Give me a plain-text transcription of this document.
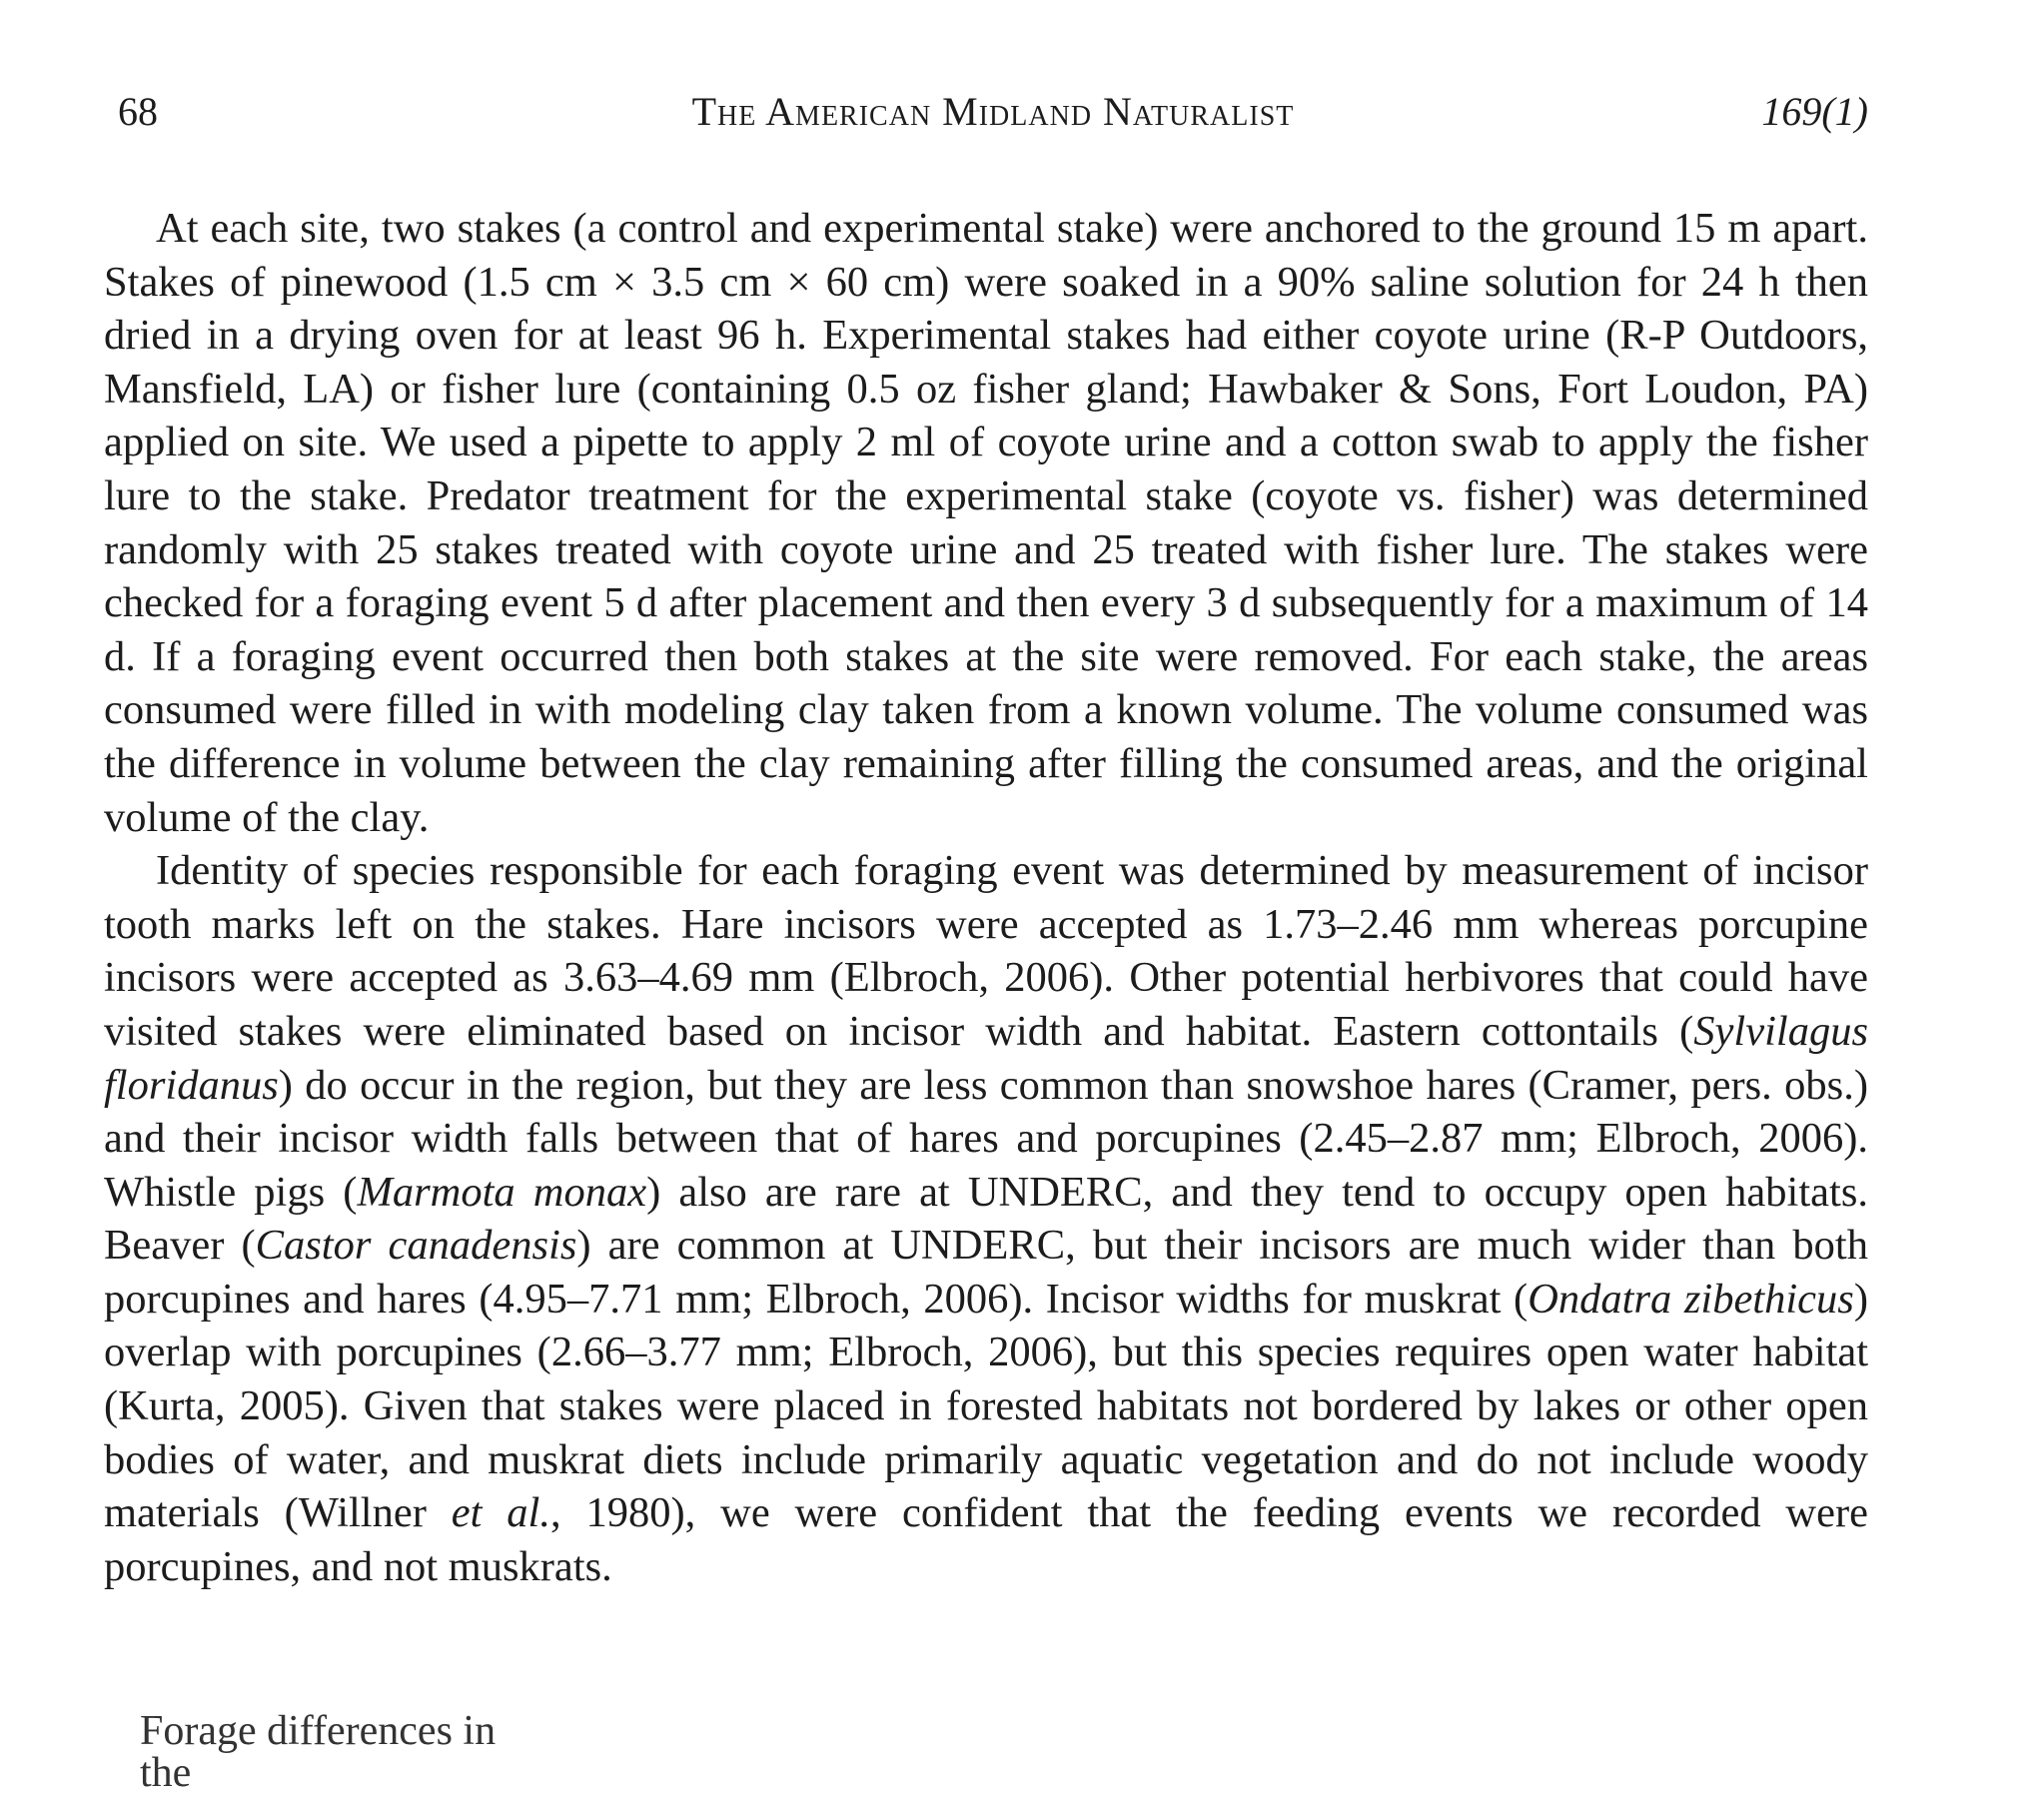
68	The American Midland Naturalist	169(1)

At each site, two stakes (a control and experimental stake) were anchored to the ground 15 m apart. Stakes of pinewood (1.5 cm × 3.5 cm × 60 cm) were soaked in a 90% saline solution for 24 h then dried in a drying oven for at least 96 h. Experimental stakes had either coyote urine (R-P Outdoors, Mansfield, LA) or fisher lure (containing 0.5 oz fisher gland; Hawbaker & Sons, Fort Loudon, PA) applied on site. We used a pipette to apply 2 ml of coyote urine and a cotton swab to apply the fisher lure to the stake. Predator treatment for the experimental stake (coyote vs. fisher) was determined randomly with 25 stakes treated with coyote urine and 25 treated with fisher lure. The stakes were checked for a foraging event 5 d after placement and then every 3 d subsequently for a maximum of 14 d. If a foraging event occurred then both stakes at the site were removed. For each stake, the areas consumed were filled in with modeling clay taken from a known volume. The volume consumed was the difference in volume between the clay remaining after filling the consumed areas, and the original volume of the clay.

Identity of species responsible for each foraging event was determined by measurement of incisor tooth marks left on the stakes. Hare incisors were accepted as 1.73–2.46 mm whereas porcupine incisors were accepted as 3.63–4.69 mm (Elbroch, 2006). Other potential herbivores that could have visited stakes were eliminated based on incisor width and habitat. Eastern cottontails (Sylvilagus floridanus) do occur in the region, but they are less common than snowshoe hares (Cramer, pers. obs.) and their incisor width falls between that of hares and porcupines (2.45–2.87 mm; Elbroch, 2006). Whistle pigs (Marmota monax) also are rare at UNDERC, and they tend to occupy open habitats. Beaver (Castor canadensis) are common at UNDERC, but their incisors are much wider than both porcupines and hares (4.95–7.71 mm; Elbroch, 2006). Incisor widths for muskrat (Ondatra zibethicus) overlap with porcupines (2.66–3.77 mm; Elbroch, 2006), but this species requires open water habitat (Kurta, 2005). Given that stakes were placed in forested habitats not bordered by lakes or other open bodies of water, and muskrat diets include primarily aquatic vegetation and do not include woody materials (Willner et al., 1980), we were confident that the feeding events we recorded were porcupines, and not muskrats.

Forage differences in the
